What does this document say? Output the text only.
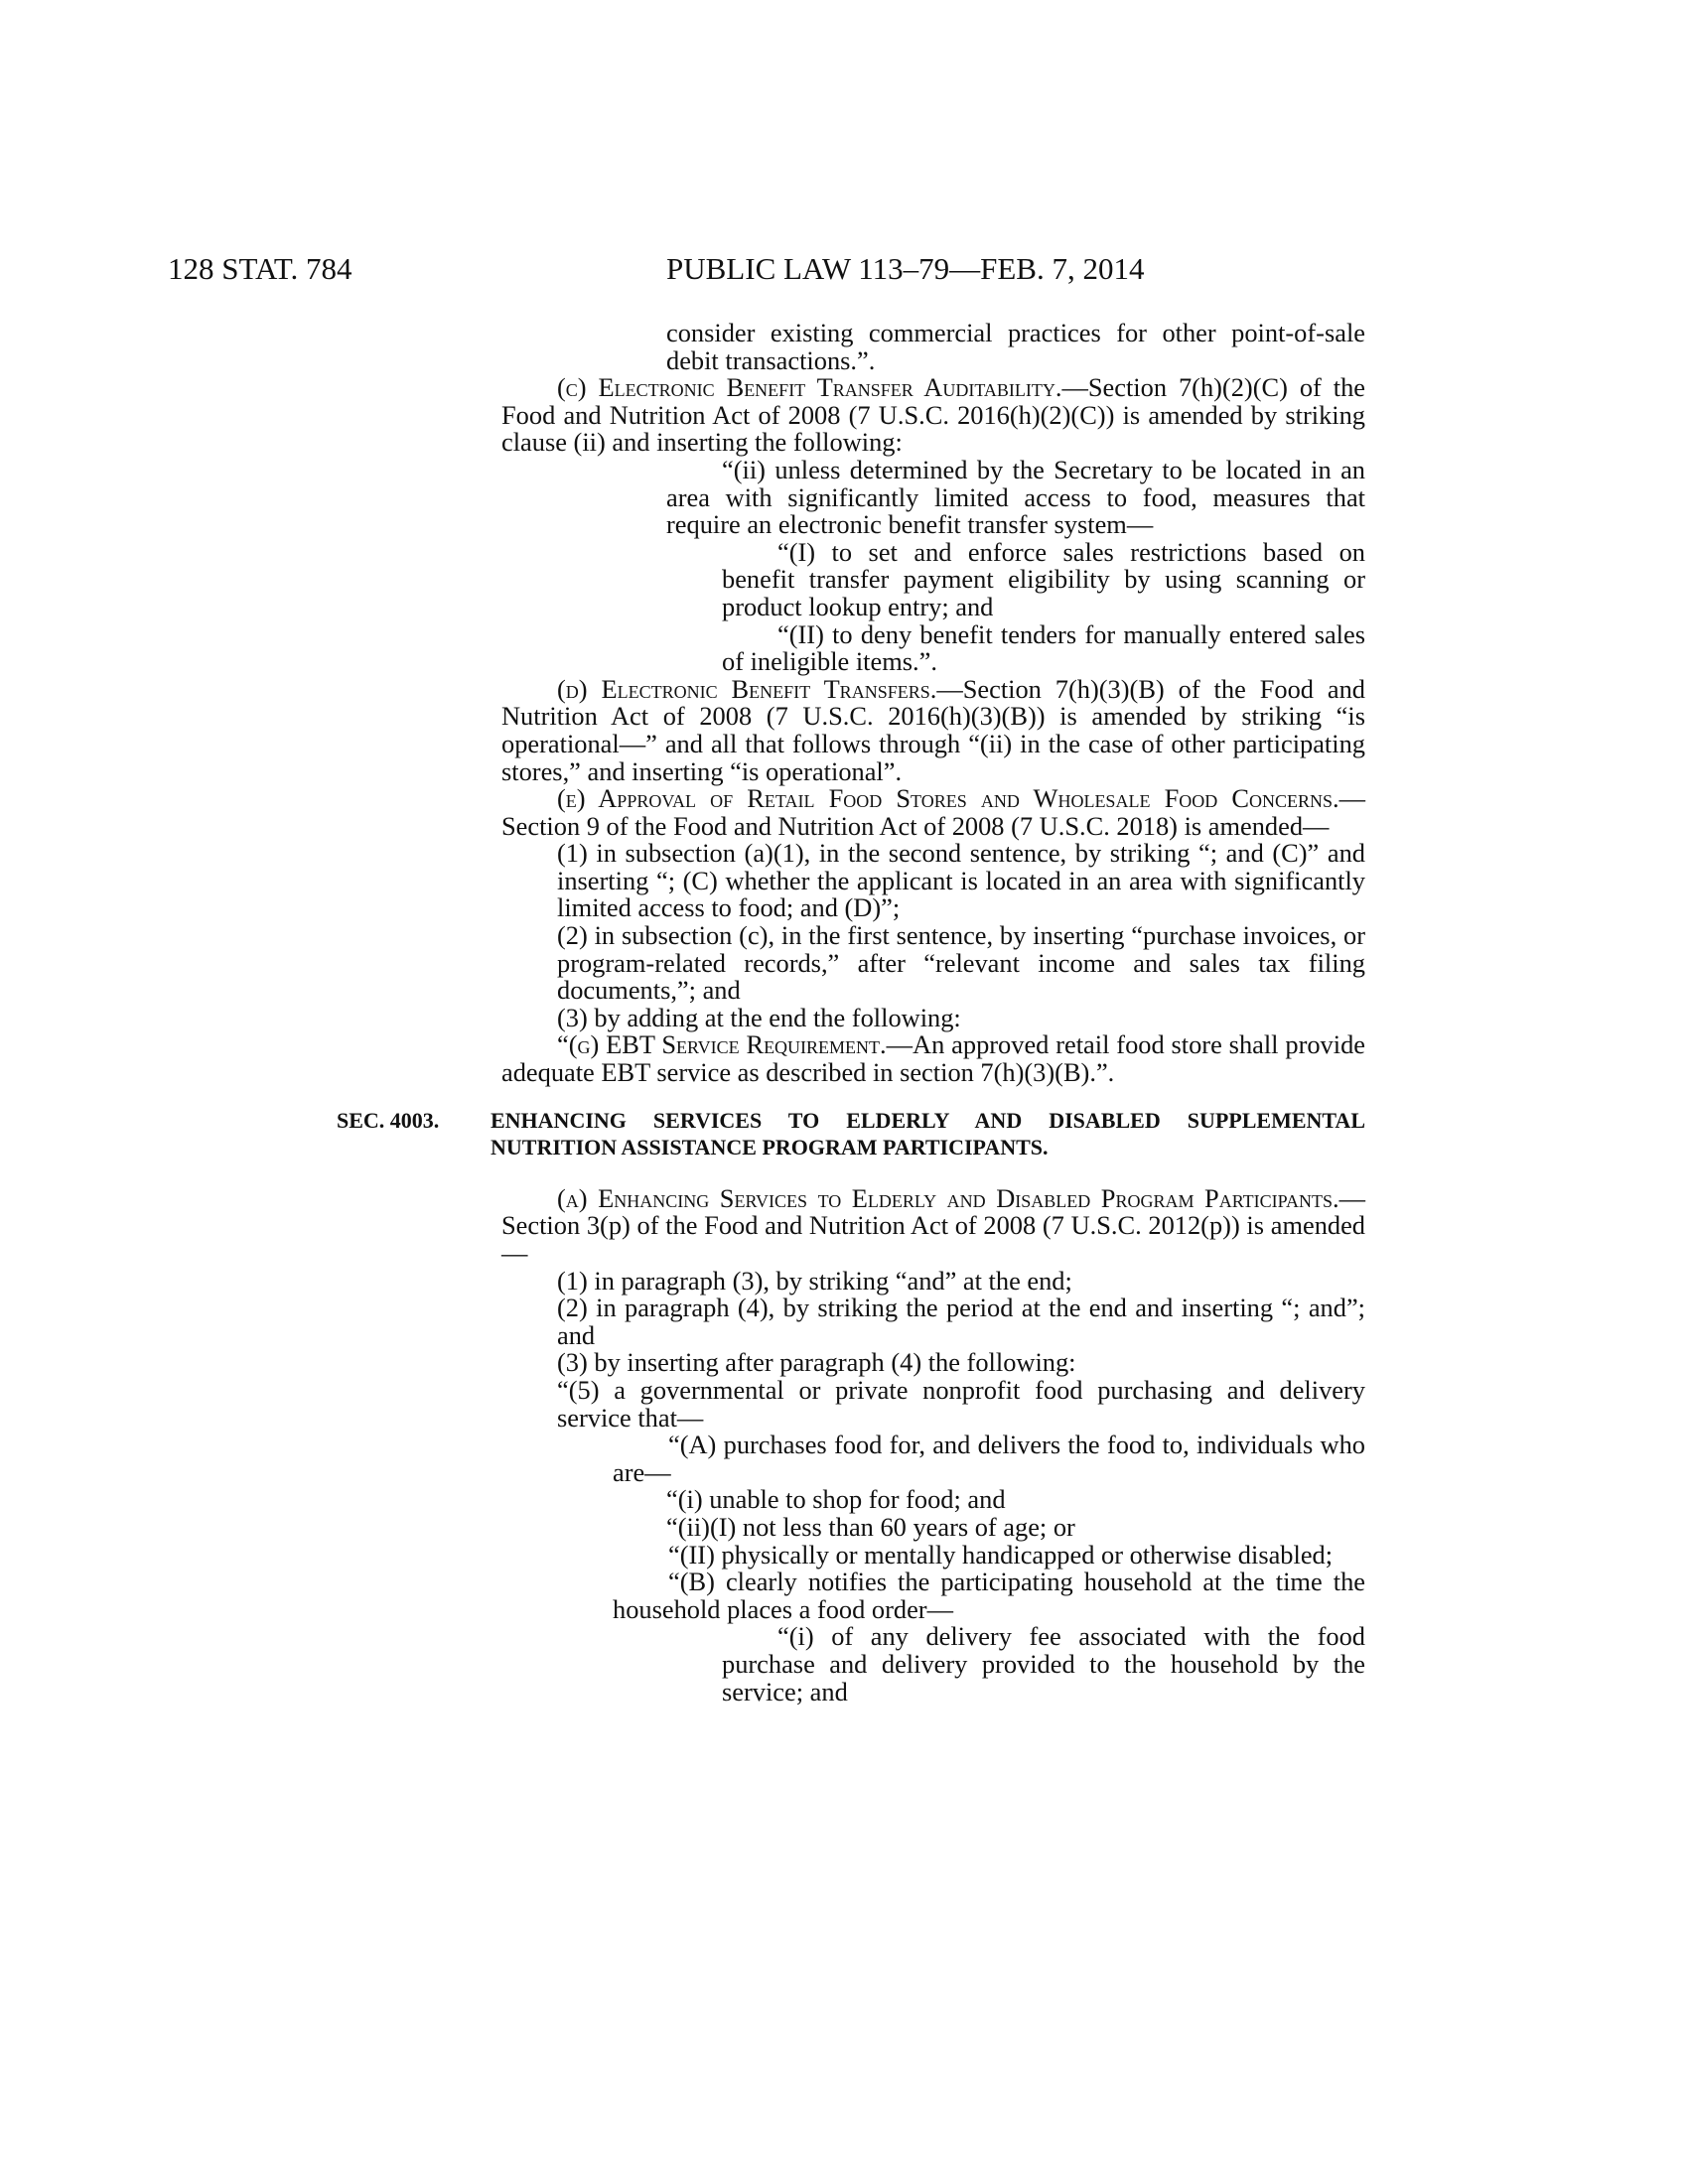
128 STAT. 784	PUBLIC LAW 113–79—FEB. 7, 2014

consider existing commercial practices for other point-of-sale debit transactions.”.

(c) Electronic Benefit Transfer Auditability.—Section 7(h)(2)(C) of the Food and Nutrition Act of 2008 (7 U.S.C. 2016(h)(2)(C)) is amended by striking clause (ii) and inserting the following:

“(ii) unless determined by the Secretary to be located in an area with significantly limited access to food, measures that require an electronic benefit transfer system—

“(I) to set and enforce sales restrictions based on benefit transfer payment eligibility by using scanning or product lookup entry; and

“(II) to deny benefit tenders for manually entered sales of ineligible items.”.

(d) Electronic Benefit Transfers.—Section 7(h)(3)(B) of the Food and Nutrition Act of 2008 (7 U.S.C. 2016(h)(3)(B)) is amended by striking “is operational—” and all that follows through “(ii) in the case of other participating stores,” and inserting “is operational”.

(e) Approval of Retail Food Stores and Wholesale Food Concerns.—Section 9 of the Food and Nutrition Act of 2008 (7 U.S.C. 2018) is amended—

(1) in subsection (a)(1), in the second sentence, by striking “; and (C)” and inserting “; (C) whether the applicant is located in an area with significantly limited access to food; and (D)”;

(2) in subsection (c), in the first sentence, by inserting “purchase invoices, or program-related records,” after “relevant income and sales tax filing documents,”; and

(3) by adding at the end the following:

“(g) EBT Service Requirement.—An approved retail food store shall provide adequate EBT service as described in section 7(h)(3)(B).”.

SEC. 4003.	ENHANCING SERVICES TO ELDERLY AND DISABLED SUPPLEMENTAL NUTRITION ASSISTANCE PROGRAM PARTICIPANTS.

(a) Enhancing Services to Elderly and Disabled Program Participants.—Section 3(p) of the Food and Nutrition Act of 2008 (7 U.S.C. 2012(p)) is amended—

(1) in paragraph (3), by striking “and” at the end;

(2) in paragraph (4), by striking the period at the end and inserting “; and”; and

(3) by inserting after paragraph (4) the following:

“(5) a governmental or private nonprofit food purchasing and delivery service that—

“(A) purchases food for, and delivers the food to, individuals who are—

“(i) unable to shop for food; and

“(ii)(I) not less than 60 years of age; or

“(II) physically or mentally handicapped or otherwise disabled;

“(B) clearly notifies the participating household at the time the household places a food order—

“(i) of any delivery fee associated with the food purchase and delivery provided to the household by the service; and
